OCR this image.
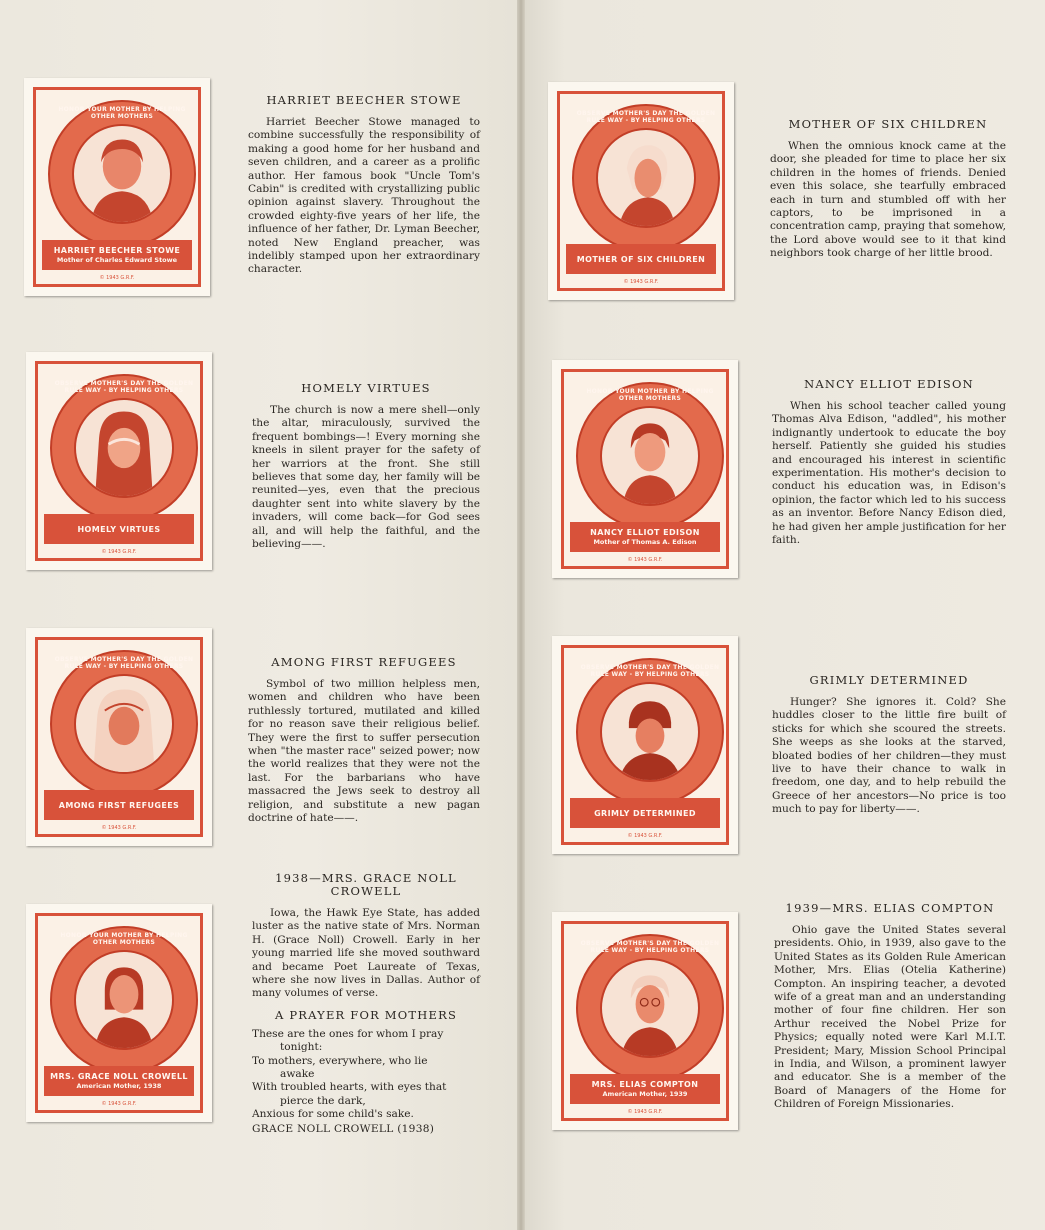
HONOR YOUR MOTHER BY HELPING OTHER MOTHERS
HARRIET BEECHER STOWE
Mother of Charles Edward Stowe
© 1943 G.R.F.
HARRIET BEECHER STOWE

Harriet Beecher Stowe managed to combine successfully the responsibility of making a good home for her husband and seven children, and a career as a prolific author. Her famous book "Uncle Tom's Cabin" is credited with crystallizing public opinion against slavery. Throughout the crowded eighty-five years of her life, the influence of her father, Dr. Lyman Beecher, noted New England preacher, was indelibly stamped upon her extraordinary character.

OBSERVE MOTHER'S DAY THE GOLDEN RULE WAY - BY HELPING OTHERS
HOMELY VIRTUES
© 1943 G.R.F.
HOMELY VIRTUES

The church is now a mere shell—only the altar, miraculously, survived the frequent bombings—! Every morning she kneels in silent prayer for the safety of her warriors at the front. She still believes that some day, her family will be reunited—yes, even that the precious daughter sent into white slavery by the invaders, will come back—for God sees all, and will help the faithful, and the believing——.

OBSERVE MOTHER'S DAY THE GOLDEN RULE WAY - BY HELPING OTHERS
AMONG FIRST REFUGEES
© 1943 G.R.F.
AMONG FIRST REFUGEES

Symbol of two million helpless men, women and children who have been ruthlessly tortured, mutilated and killed for no reason save their religious belief. They were the first to suffer persecution when "the master race" seized power; now the world realizes that they were not the last. For the barbarians who have massacred the Jews seek to destroy all religion, and substitute a new pagan doctrine of hate——.

HONOR YOUR MOTHER BY HELPING OTHER MOTHERS
MRS. GRACE NOLL CROWELL
American Mother, 1938
© 1943 G.R.F.
1938—MRS. GRACE NOLL CROWELL

Iowa, the Hawk Eye State, has added luster as the native state of Mrs. Norman H. (Grace Noll) Crowell. Early in her young married life she moved southward and became Poet Laureate of Texas, where she now lives in Dallas. Author of many volumes of verse.

A PRAYER FOR MOTHERS
These are the ones for whom I pray
tonight:
To mothers, everywhere, who lie
awake
With troubled hearts, with eyes that
pierce the dark,
Anxious for some child's sake.
GRACE NOLL CROWELL (1938)
OBSERVE MOTHER'S DAY THE GOLDEN RULE WAY - BY HELPING OTHERS
MOTHER OF SIX CHILDREN
© 1943 G.R.F.
MOTHER OF SIX CHILDREN

When the omnious knock came at the door, she pleaded for time to place her six children in the homes of friends. Denied even this solace, she tearfully embraced each in turn and stumbled off with her captors, to be imprisoned in a concentration camp, praying that somehow, the Lord above would see to it that kind neighbors took charge of her little brood.

HONOR YOUR MOTHER BY HELPING OTHER MOTHERS
NANCY ELLIOT EDISON
Mother of Thomas A. Edison
© 1943 G.R.F.
NANCY ELLIOT EDISON

When his school teacher called young Thomas Alva Edison, "addled", his mother indignantly undertook to educate the boy herself. Patiently she guided his studies and encouraged his interest in scientific experimentation. His mother's decision to conduct his education was, in Edison's opinion, the factor which led to his success as an inventor. Before Nancy Edison died, he had given her ample justification for her faith.

OBSERVE MOTHER'S DAY THE GOLDEN RULE WAY - BY HELPING OTHERS
GRIMLY DETERMINED
© 1943 G.R.F.
GRIMLY DETERMINED

Hunger? She ignores it. Cold? She huddles closer to the little fire built of sticks for which she scoured the streets. She weeps as she looks at the starved, bloated bodies of her children—they must live to have their chance to walk in freedom, one day, and to help rebuild the Greece of her ancestors—No price is too much to pay for liberty——.

OBSERVE MOTHER'S DAY THE GOLDEN RULE WAY - BY HELPING OTHERS
MRS. ELIAS COMPTON
American Mother, 1939
© 1943 G.R.F.
1939—MRS. ELIAS COMPTON

Ohio gave the United States several presidents. Ohio, in 1939, also gave to the United States as its Golden Rule American Mother, Mrs. Elias (Otelia Katherine) Compton. An inspiring teacher, a devoted wife of a great man and an understanding mother of four fine children. Her son Arthur received the Nobel Prize for Physics; equally noted were Karl M.I.T. President; Mary, Mission School Principal in India, and Wilson, a prominent lawyer and educator. She is a member of the Board of Managers of the Home for Children of Foreign Missionaries.
